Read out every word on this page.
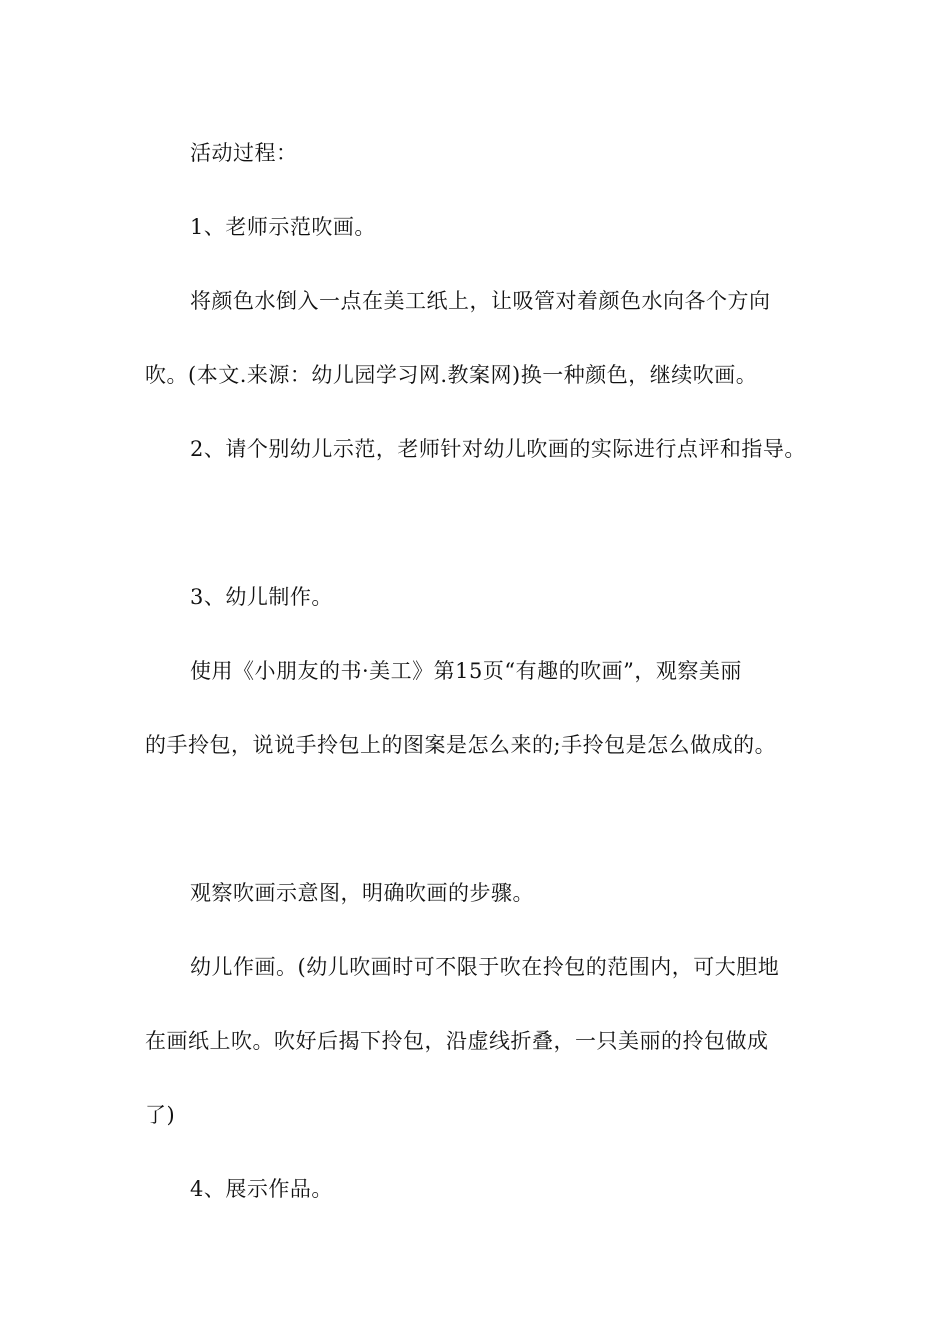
活动过程：
1、老师示范吹画。
将颜色水倒入一点在美工纸上，让吸管对着颜色水向各个方向
吹。(本文.来源：幼儿园学习网.教案网)换一种颜色，继续吹画。
2、请个别幼儿示范，老师针对幼儿吹画的实际进行点评和指导。
3、幼儿制作。
使用《小朋友的书·美工》第15页“有趣的吹画”，观察美丽
的手拎包，说说手拎包上的图案是怎么来的;手拎包是怎么做成的。
观察吹画示意图，明确吹画的步骤。
幼儿作画。(幼儿吹画时可不限于吹在拎包的范围内，可大胆地
在画纸上吹。吹好后揭下拎包，沿虚线折叠，一只美丽的拎包做成
了)
4、展示作品。
